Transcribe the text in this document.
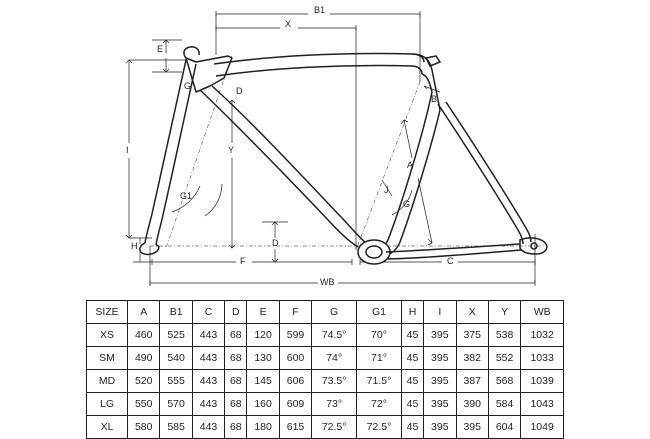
B1
X
E
G	D
B
I	Y
A
G1
J
G
H	D
F	C
WB
SIZE	A	B1	C	D	E	F	G	G1	H	I	X	Y	WB
XS	460	525	443	68	120	599	74.5°	70°	45	395	375	538	1032
SM	490	540	443	68	130	600	74°	71°	45	395	382	552	1033
MD	520	555	443	68	145	606	73.5°	71.5°	45	395	387	568	1039
LG	550	570	443	68	160	609	73°	72°	45	395	390	584	1043
XL	580	585	443	68	180	615	72.5°	72.5°	45	395	395	604	1049
